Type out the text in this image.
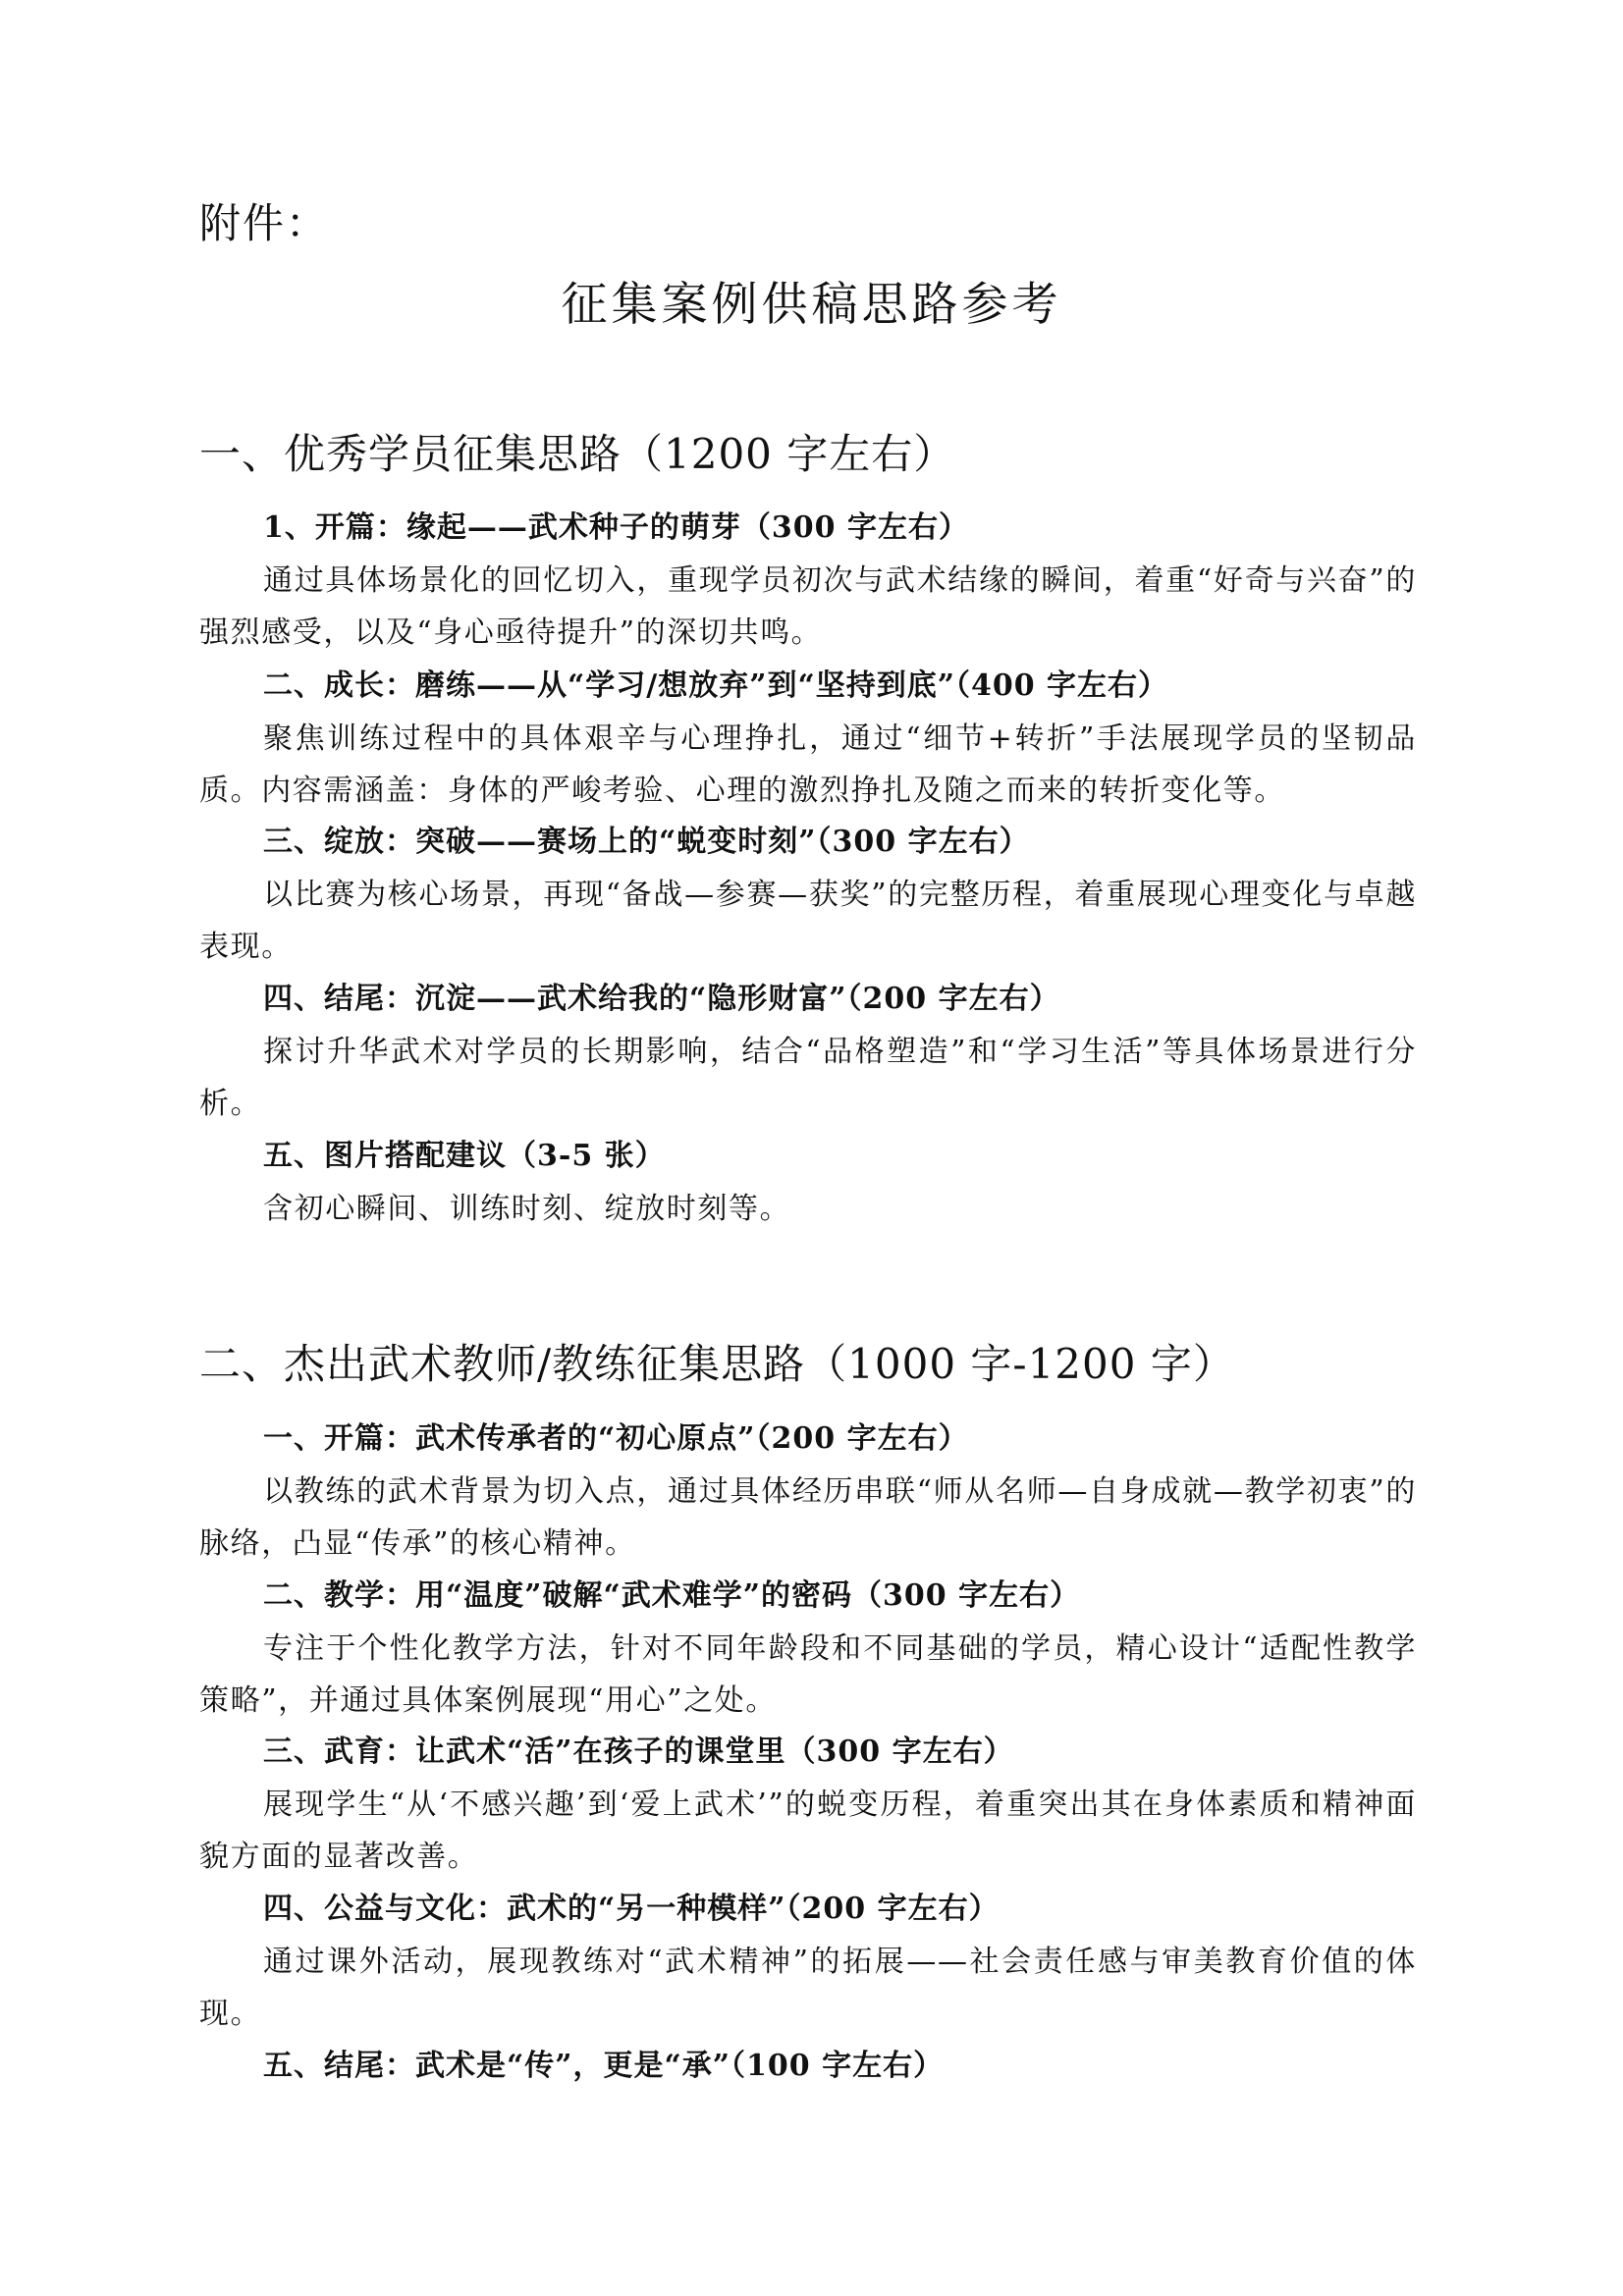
附件：
征集案例供稿思路参考
一、优秀学员征集思路（1200 字左右）
1、开篇：缘起——武术种子的萌芽（300 字左右）
通过具体场景化的回忆切入，重现学员初次与武术结缘的瞬间，着重“好奇与兴奋”的强烈感受，以及“身心亟待提升”的深切共鸣。
二、成长：磨练——从“学习/想放弃”到“坚持到底”（400 字左右）
聚焦训练过程中的具体艰辛与心理挣扎，通过“细节+转折”手法展现学员的坚韧品质。内容需涵盖：身体的严峻考验、心理的激烈挣扎及随之而来的转折变化等。
三、绽放：突破——赛场上的“蜕变时刻”（300 字左右）
以比赛为核心场景，再现“备战—参赛—获奖”的完整历程，着重展现心理变化与卓越表现。
四、结尾：沉淀——武术给我的“隐形财富”（200 字左右）
探讨升华武术对学员的长期影响，结合“品格塑造”和“学习生活”等具体场景进行分析。
五、图片搭配建议（3-5 张）
含初心瞬间、训练时刻、绽放时刻等。
二、杰出武术教师/教练征集思路（1000 字-1200 字）
一、开篇：武术传承者的“初心原点”（200 字左右）
以教练的武术背景为切入点，通过具体经历串联“师从名师—自身成就—教学初衷”的脉络，凸显“传承”的核心精神。
二、教学：用“温度”破解“武术难学”的密码（300 字左右）
专注于个性化教学方法，针对不同年龄段和不同基础的学员，精心设计“适配性教学策略”，并通过具体案例展现“用心”之处。
三、武育：让武术“活”在孩子的课堂里（300 字左右）
展现学生“从‘不感兴趣’到‘爱上武术’”的蜕变历程，着重突出其在身体素质和精神面貌方面的显著改善。
四、公益与文化：武术的“另一种模样”（200 字左右）
通过课外活动，展现教练对“武术精神”的拓展——社会责任感与审美教育价值的体现。
五、结尾：武术是“传”，更是“承”（100 字左右）
